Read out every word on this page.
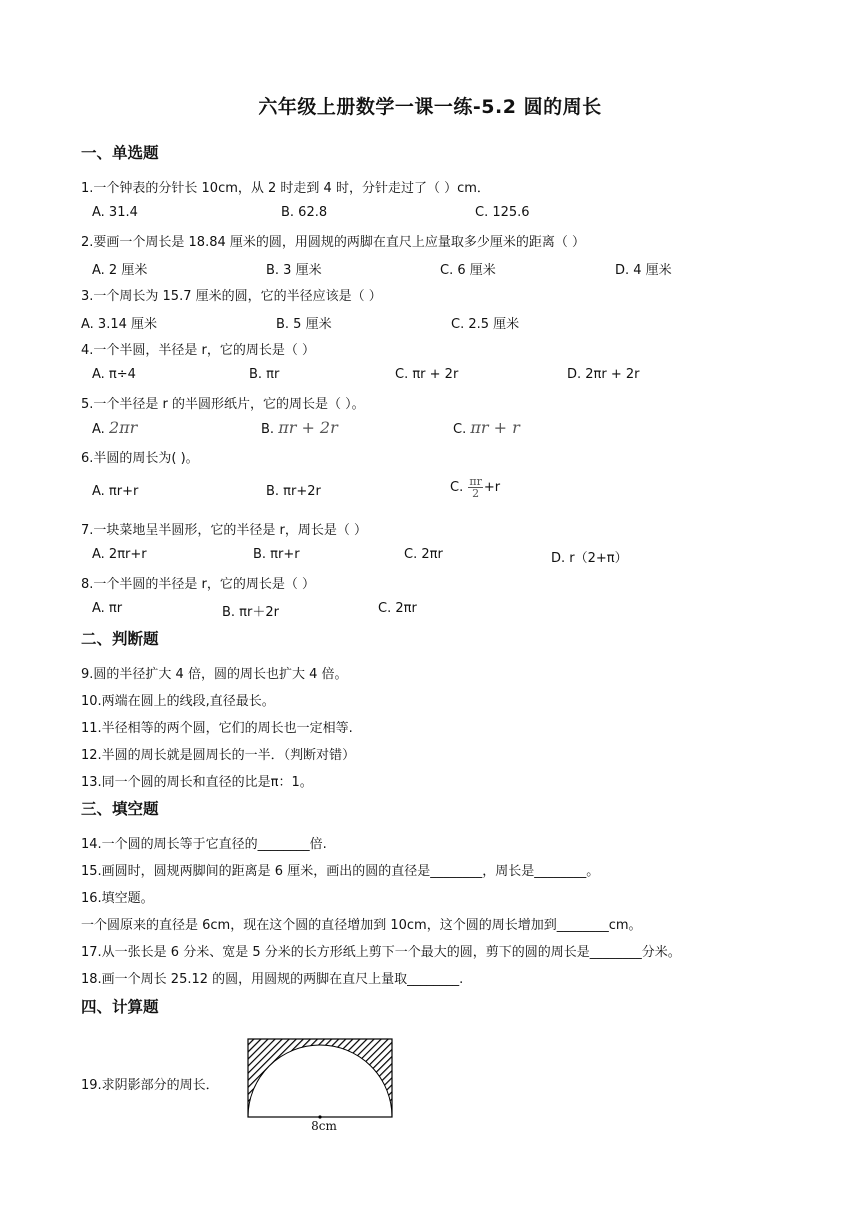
六年级上册数学一课一练-5.2 圆的周长
一、单选题
1.一个钟表的分针长 10cm，从 2 时走到 4 时，分针走过了（ ）cm．
A. 31.4	B. 62.8	C. 125.6
2.要画一个周长是 18.84 厘米的圆，用圆规的两脚在直尺上应量取多少厘米的距离（ ）
A. 2 厘米	B. 3 厘米	C. 6 厘米	D. 4 厘米
3.一个周长为 15.7 厘米的圆，它的半径应该是（ ）
A. 3.14 厘米	B. 5 厘米	C. 2.5 厘米
4.一个半圆，半径是 r，它的周长是（ ）
A. π÷4	B. πr	C. πr + 2r	D. 2πr + 2r
5.一个半径是 r 的半圆形纸片，它的周长是（ ）。
A. 2πr	B. πr + 2r	C. πr + r
6.半圆的周长为( )。
A. πr+r	B. πr+2r	C. $\frac{\pi r}{2} +r$
7.一块菜地呈半圆形，它的半径是 r，周长是（ ）
A. 2πr+r	B. πr+r	C. 2πr	D. r（2+π）
8.一个半圆的半径是 r，它的周长是（ ）
A. πr	B. πr＋2r	C. 2πr
二、判断题
9.圆的半径扩大 4 倍，圆的周长也扩大 4 倍。
10.两端在圆上的线段,直径最长。
11.半径相等的两个圆，它们的周长也一定相等.
12.半圆的周长就是圆周长的一半．（判断对错）
13.同一个圆的周长和直径的比是π：1。
三、填空题
14.一个圆的周长等于它直径的________倍.
15.画圆时，圆规两脚间的距离是 6 厘米，画出的圆的直径是________，周长是________。
16.填空题。
一个圆原来的直径是 6cm，现在这个圆的直径增加到 10cm，这个圆的周长增加到________cm。
17.从一张长是 6 分米、宽是 5 分米的长方形纸上剪下一个最大的圆，剪下的圆的周长是________分米。
18.画一个周长 25.12 的圆，用圆规的两脚在直尺上量取________.
四、计算题
19.求阴影部分的周长．
8cm
